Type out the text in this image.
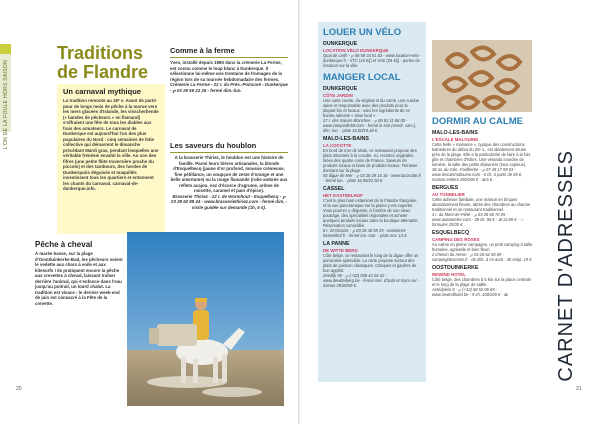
L'ON DE LA FOULE HORS SAISON
Traditions de Flandre
Un carnaval mythique

La tradition remonte au 18ᵉ s. Avant de partir pour de longs mois de pêche à la morue vers les mers glacées d'Islande, les visscherbende (« bandes de pêcheurs » en flamand) s'offraient une fête de tous les diables aux frais des armateurs. Le carnaval de Dunkerque est aujourd'hui l'un des plus populaires du Nord : cinq semaines de folie collective qui démarrent le dimanche précédant Mardi gras, pendant lesquelles une véritable frénésie envahit la ville. Au son des fifres (une petite flûte traversière proche du piccolo) et des tambours, des hordes de Dunkerquois déguisés et maquillés investissent tous les quartiers et entonnent les chants du carnaval. carnaval-de-dunkerque.info.

Comme à la ferme

Yves, installé depuis 1980 dans la crèmerie La Ferme, est connu comme le loup blanc à Dunkerque. Il sélectionne lui-même une trentaine de fromages de la région lors de sa tournée hebdomadaire des fermes.

Crèmerie La Ferme - 22 r. du Prés.-Poincaré - Dunkerque - ℘ 03 28 59 22 25 - fermé dim.-lun.

Les saveurs du houblon

À la brasserie Thiriez, le houblon est une histoire de famille. Parmi leurs bières artisanales, la blonde d'Esquelbecq (jaune d'or profond, mousse crémeuse, fine pétillance, un soupçon de zeste d'orange et une belle amertume) ou la rouge flamande (robe ambrée aux reflets acajou, nez d'écorce d'agrume, arôme de noisette, caramel et pain d'épice).

Brasserie Thiriez - 22 r. de Wormhout - Esquelbecq - ℘ 03 28 62 88 44 - www.brasseriethiriez.com - fermé dim. - visite guidée sur demande (1h, 6 €).

Pêche à cheval

À marée basse, sur la plage d'Oostduinkerke-Bad, les pêcheurs voient le vedette aux chars à voile et aux kitesurfs ! Ils pratiquent encore la pêche aux crevettes à cheval, laissant traîner derrière l'animal, qui s'enfonce dans l'eau jusqu'au poitrail, un lourd chalut. La tradition est vivace : le dernier week-end de juin est consacré à la Fête de la crevette.

20
LOUER UN VÉLO
DUNKERQUE
LOCATION VÉLO DUNKERQUE

Quai de Leith - ℘ 06 59 34 51 53 - www.location-velo-dunkerque.fr - VTC (16 €/j) et VAE (28 €/j) - portes de livraison sur la ville.

MANGER LOCAL
DUNKERQUE
CÔTE JARDIN

Une carte courte, du végétal et du carné, une cuisine saine et responsable avec des produits pour la plupart bio et locaux : voici les ingrédients de ce bonne adresse « slow food ».

27 r. des Sœurs-Blanches - ℘ 09 81 11 88 00 - www.cotejardin59.com - fermé le soir (vendr. sam.), dim.-lun. - plats 15,50/19,40 €.

MALO-LES-BAINS
LA COCOTTE

En bord de mer de Malo, ce restaurant propose des plats mitonnés à la cocotte. Ici, recettes originales tirées des quatre coins de France. Saveurs de produits locaux et base de produits locaux. Terrasse donnant sur la plage.

55 digue de Mer - ℘ 03 28 29 15 16 - www.lacocotte.fr - fermé lun. - plats 16,90/22,50 €.

CASSEL
HET KASTEELHOF

C'est le plus haut estaminet de la Flandre française, et la vue panoramique sur la plaine y est superbe. Vous pourrez y déguster, à l'ombre de son vieux poutrage, des spécialités régionales et acheter quelques produits locaux dans la boutique attenante. Réservation conseillée.

8 r. St-Nicolas - ℘ 03 28 40 59 29 - estaminet-kasteelhof.fr - fermé lun.-mar. - plats env. 14 €.

LA PANNE
DE WITTE BERG

Côté belge, ce restaurant le long de la digue offre un panorama splendide. La carte propose surtout des plats de poisson classiques. Critiques et gaufres de bon appétit.

Zeedijk 95 - ℘ (+32) 058 42 04 42 - www.dewitteberg.be - fermé mer. d'août et mars-avr. - menus 28/30/59 €.

DORMIR AU CALME
MALO-LES-BAINS
L'ESCALE MALOUINE

Cette belle « malouine », typique des constructions balnéaires du début du 20ᵉ s., est idéalement située près de la plage. Elle a la particularité de faire à la fois gîte et chambres d'hôtes. Une véranda inondée de lumière, la salle des petits déjeuners (tous copieux).

38 av. du Gén.-Faidherbe - ℘ 07 49 17 99 03 - www.lescalemalouine.com - 5 ch. à partir de 85 €, maison entière 250/290 € - ⊠ 6 €.

BERGUES
AU TONNELIER

Cette adresse familiale, une maison en briques abondamment fleurie, abrite des chambres au charme traditionnel et un restaurant traditionnel.

4 r. du Mont-de-Piété - ℘ 03 28 68 70 05 - www.autonnelier.com - 39 ch. 96 € - ⊠ 12,80 € - ☞ formules 25/35 €.

ESQUELBECQ
CAMPING DES ROSES

Au calme en pleine campagne, un petit camping à taille humaine, agréable et bien fleuri.

2 chemin du Hemn - ℘ 03 28 62 90 09 - campingdesroses.fr - de déc. à mi-août - 40 empl. 19 €.

OOSTDUINKERKE
REWIND HOTEL

Côté belge, des chambres à 5 km sur la place centrale et le long de la plage de sable.

Astridplein 8 - ℘ (+32) 58 52 06 69 - www.rewindhotel.be - 9 ch. 100/200 € - ⊠.	CARNET D'ADRESSES
21
